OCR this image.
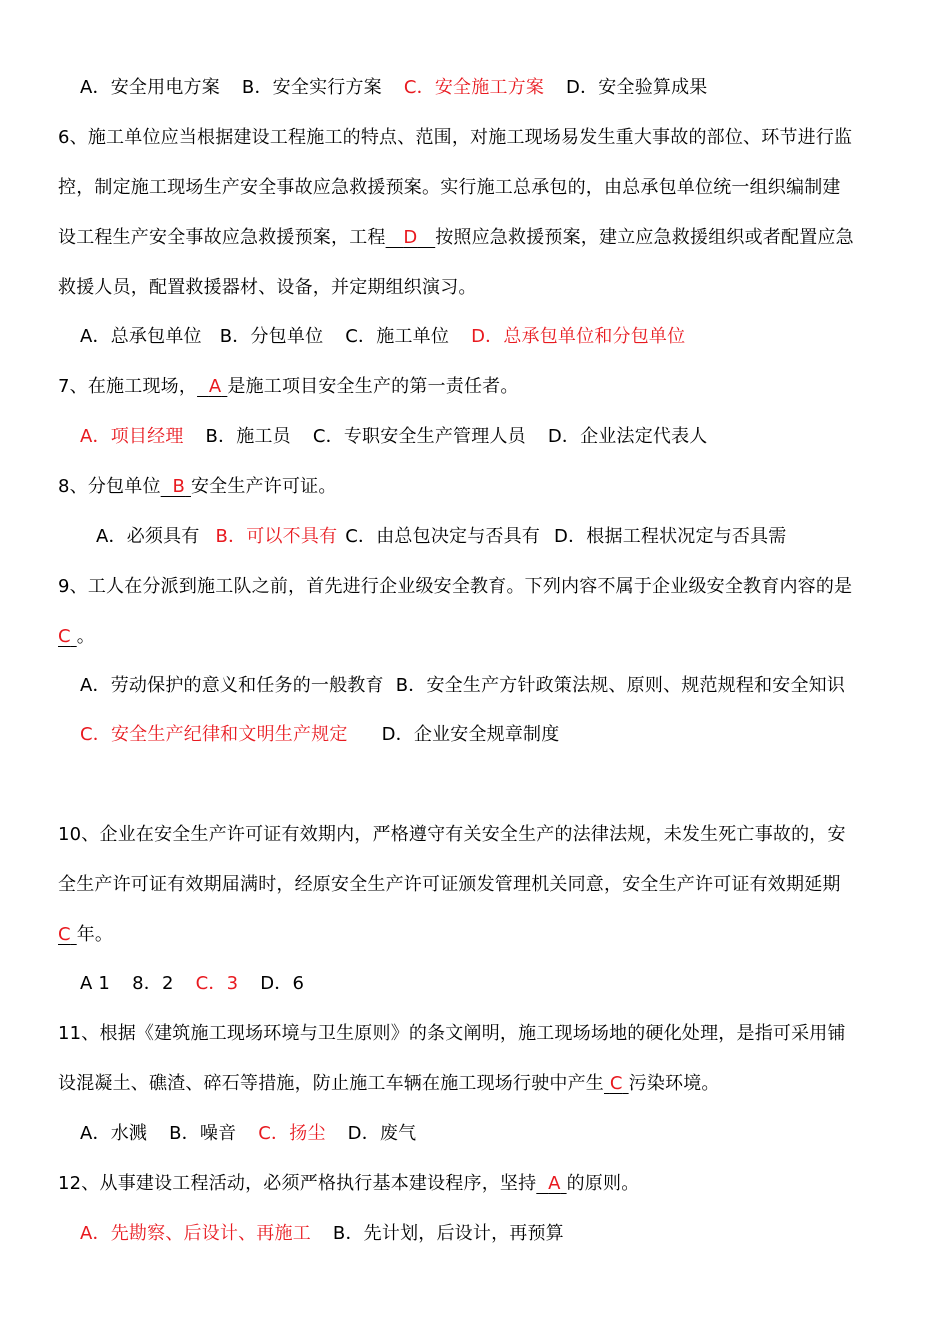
A．安全用电方案 B．安全实行方案 C．安全施工方案 D．安全验算成果
6、施工单位应当根据建设工程施工的特点、范围，对施工现场易发生重大事故的部位、环节进行监
控，制定施工现场生产安全事故应急救援预案。实行施工总承包的，由总承包单位统一组织编制建
设工程生产安全事故应急救援预案，工程 D 按照应急救援预案，建立应急救援组织或者配置应急
救援人员，配置救援器材、设备，并定期组织演习。
A．总承包单位 B．分包单位 C．施工单位 D．总承包单位和分包单位
7、在施工现场， A 是施工项目安全生产的第一责任者。
A．项目经理 B．施工员 C．专职安全生产管理人员 D．企业法定代表人
8、分包单位 B 安全生产许可证。
A．必须具有 B．可以不具有 C．由总包决定与否具有 D．根据工程状况定与否具需
9、工人在分派到施工队之前，首先进行企业级安全教育。下列内容不属于企业级安全教育内容的是
C 。
A．劳动保护的意义和任务的一般教育 B．安全生产方针政策法规、原则、规范规程和安全知识
C．安全生产纪律和文明生产规定 D．企业安全规章制度
10、企业在安全生产许可证有效期内，严格遵守有关安全生产的法律法规，未发生死亡事故的，安
全生产许可证有效期届满时，经原安全生产许可证颁发管理机关同意，安全生产许可证有效期延期
C 年。
A 1 8．2 C．3 D．6
11、根据《建筑施工现场环境与卫生原则》的条文阐明，施工现场场地的硬化处理，是指可采用铺
设混凝土、礁渣、碎石等措施，防止施工车辆在施工现场行驶中产生 C 污染环境。
A．水溅 B．噪音 C．扬尘 D．废气
12、从事建设工程活动，必须严格执行基本建设程序，坚持 A 的原则。
A．先勘察、后设计、再施工 B．先计划，后设计，再预算
